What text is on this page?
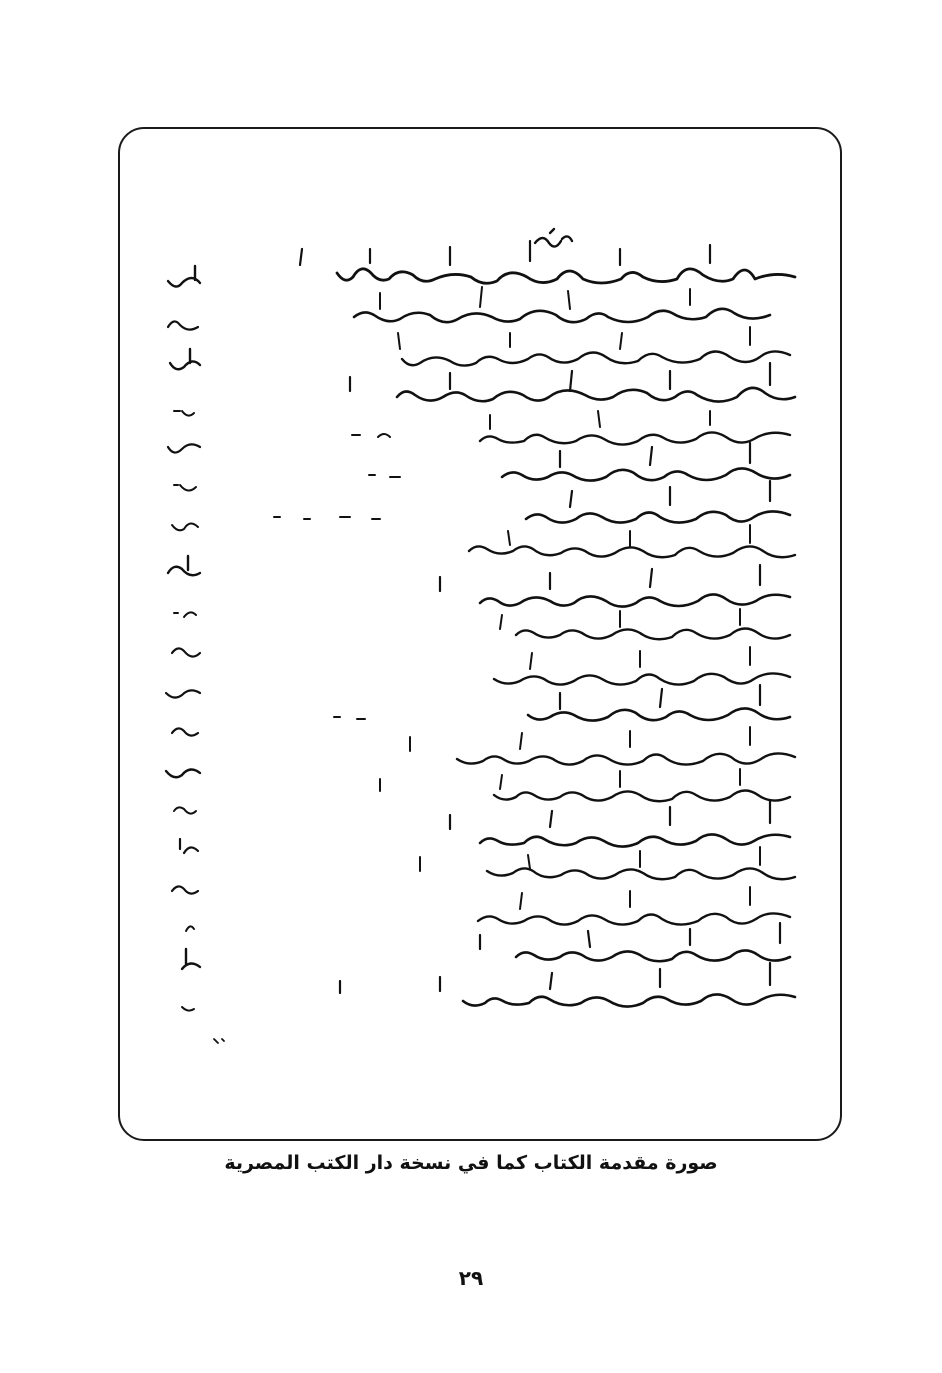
صورة مقدمة الكتاب كما في نسخة دار الكتب المصرية
٢٩
